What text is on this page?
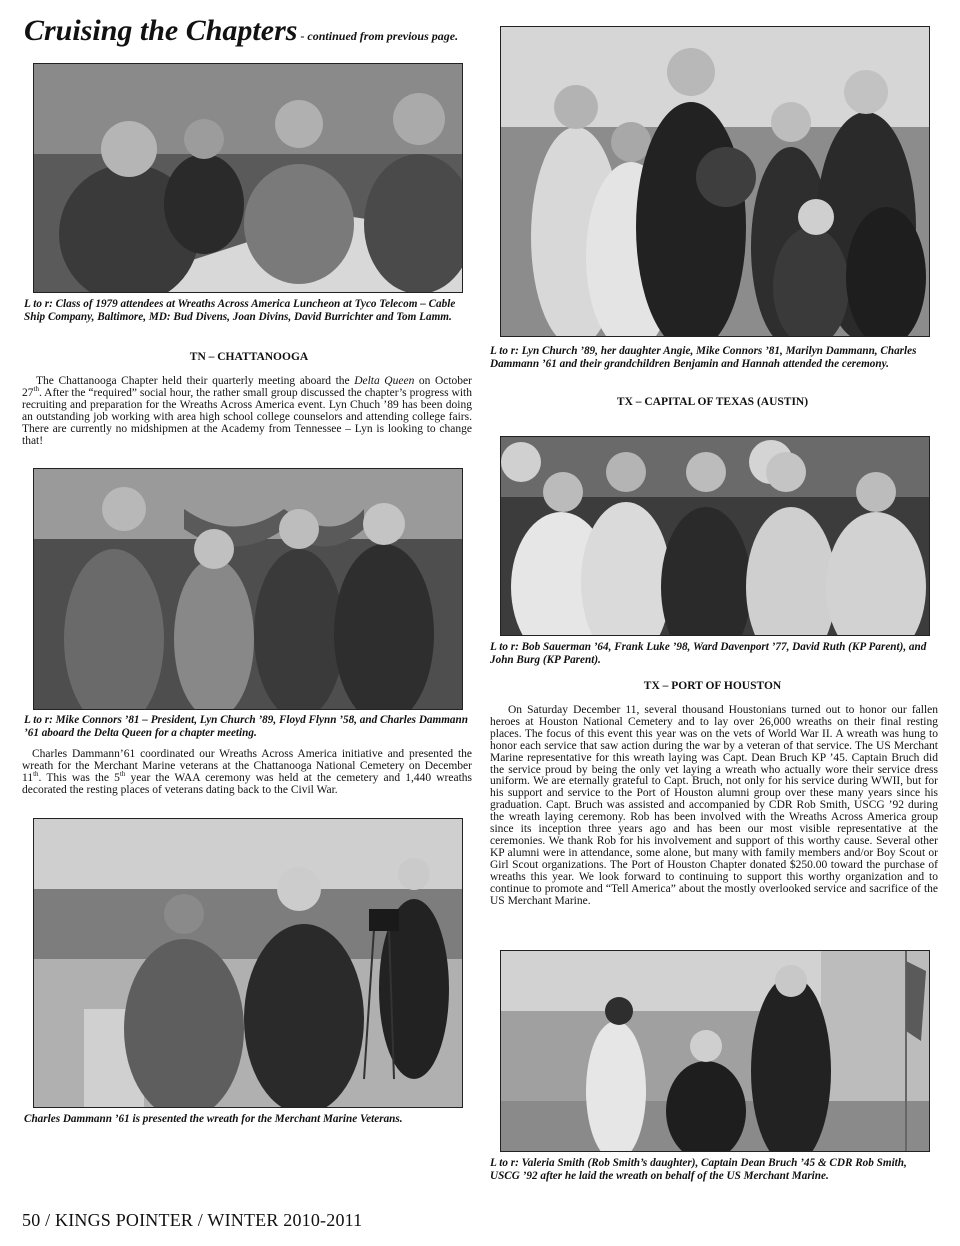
Cruising the Chapters - continued from previous page.
L to r: Class of 1979 attendees at Wreaths Across America Luncheon at Tyco Telecom – Cable Ship Company, Baltimore, MD: Bud Divens, Joan Divins, David Burrichter and Tom Lamm.
TN – CHATTANOOGA
The Chattanooga Chapter held their quarterly meeting aboard the Delta Queen on October 27th. After the “required” social hour, the rather small group discussed the chapter’s progress with recruiting and preparation for the Wreaths Across America event. Lyn Chuch ’89 has been doing an outstanding job working with area high school college counselors and attending college fairs. There are currently no midshipmen at the Academy from Tennessee – Lyn is looking to change that!
L to r: Mike Connors ’81 – President, Lyn Church ’89, Floyd Flynn ’58, and Charles Dammann ’61 aboard the Delta Queen for a chapter meeting.
Charles Dammann’61 coordinated our Wreaths Across America initiative and presented the wreath for the Merchant Marine veterans at the Chattanooga National Cemetery on December 11th. This was the 5th year the WAA ceremony was held at the cemetery and 1,440 wreaths decorated the resting places of veterans dating back to the Civil War.
Charles Dammann ’61 is presented the wreath for the Merchant Marine Veterans.
L to r: Lyn Church ’89, her daughter Angie, Mike Connors ’81, Marilyn Dammann, Charles Dammann ’61 and their grandchildren Benjamin and Hannah attended the ceremony.
TX – CAPITAL OF TEXAS (AUSTIN)
L to r: Bob Sauerman ’64, Frank Luke ’98, Ward Davenport ’77, David Ruth (KP Parent), and John Burg (KP Parent).
TX – PORT OF HOUSTON
On Saturday December 11, several thousand Houstonians turned out to honor our fallen heroes at Houston National Cemetery and to lay over 26,000 wreaths on their final resting places. The focus of this event this year was on the vets of World War II. A wreath was hung to honor each service that saw action during the war by a veteran of that service. The US Merchant Marine representative for this wreath laying was Capt. Dean Bruch KP ’45. Captain Bruch did the service proud by being the only vet laying a wreath who actually wore their service dress uniform. We are eternally grateful to Capt. Bruch, not only for his service during WWII, but for his support and service to the Port of Houston alumni group over these many years since his graduation. Capt. Bruch was assisted and accompanied by CDR Rob Smith, USCG ’92 during the wreath laying ceremony. Rob has been involved with the Wreaths Across America group since its inception three years ago and has been our most visible representative at the ceremonies. We thank Rob for his involvement and support of this worthy cause. Several other KP alumni were in attendance, some alone, but many with family members and/or Boy Scout or Girl Scout organizations. The Port of Houston Chapter donated $250.00 toward the purchase of wreaths this year. We look forward to continuing to support this worthy organization and to continue to promote and “Tell America” about the mostly overlooked service and sacrifice of the US Merchant Marine.
L to r: Valeria Smith (Rob Smith’s daughter), Captain Dean Bruch ’45 & CDR Rob Smith, USCG ’92 after he laid the wreath on behalf of the US Merchant Marine.
50 / KINGS POINTER / WINTER 2010-2011
